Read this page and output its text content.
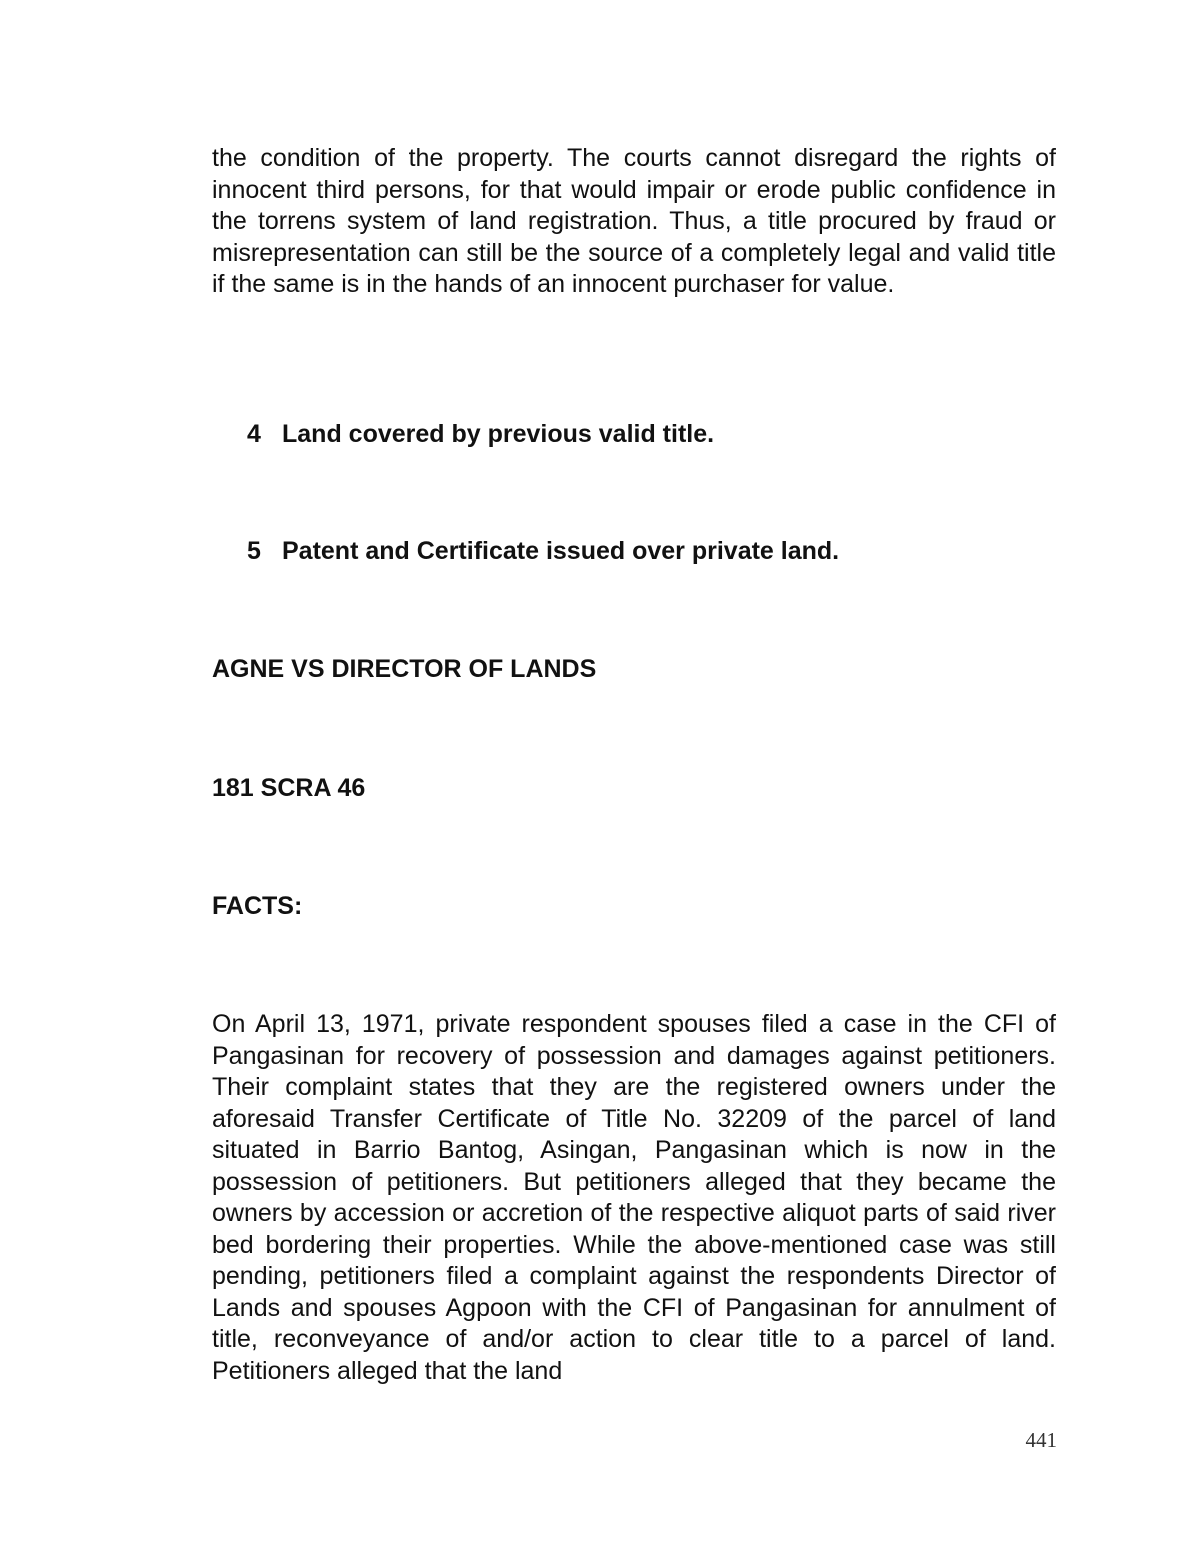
the condition of the property. The courts cannot disregard the rights of innocent third persons, for that would impair or erode public confidence in the torrens system of land registration. Thus, a title procured by fraud or misrepresentation can still be the source of a completely legal and valid title if the same is in the hands of an innocent purchaser for value.

4 Land covered by previous valid title.

5 Patent and Certificate issued over private land.

AGNE VS DIRECTOR OF LANDS

181 SCRA 46

FACTS:

On April 13, 1971, private respondent spouses filed a case in the CFI of Pangasinan for recovery of possession and damages against petitioners. Their complaint states that they are the registered owners under the aforesaid Transfer Certificate of Title No. 32209 of the parcel of land situated in Barrio Bantog, Asingan, Pangasinan which is now in the possession of petitioners. But petitioners alleged that they became the owners by accession or accretion of the respective aliquot parts of said river bed bordering their properties. While the above-mentioned case was still pending, petitioners filed a complaint against the respondents Director of Lands and spouses Agpoon with the CFI of Pangasinan for annulment of title, reconveyance of and/or action to clear title to a parcel of land. Petitioners alleged that the land

441
